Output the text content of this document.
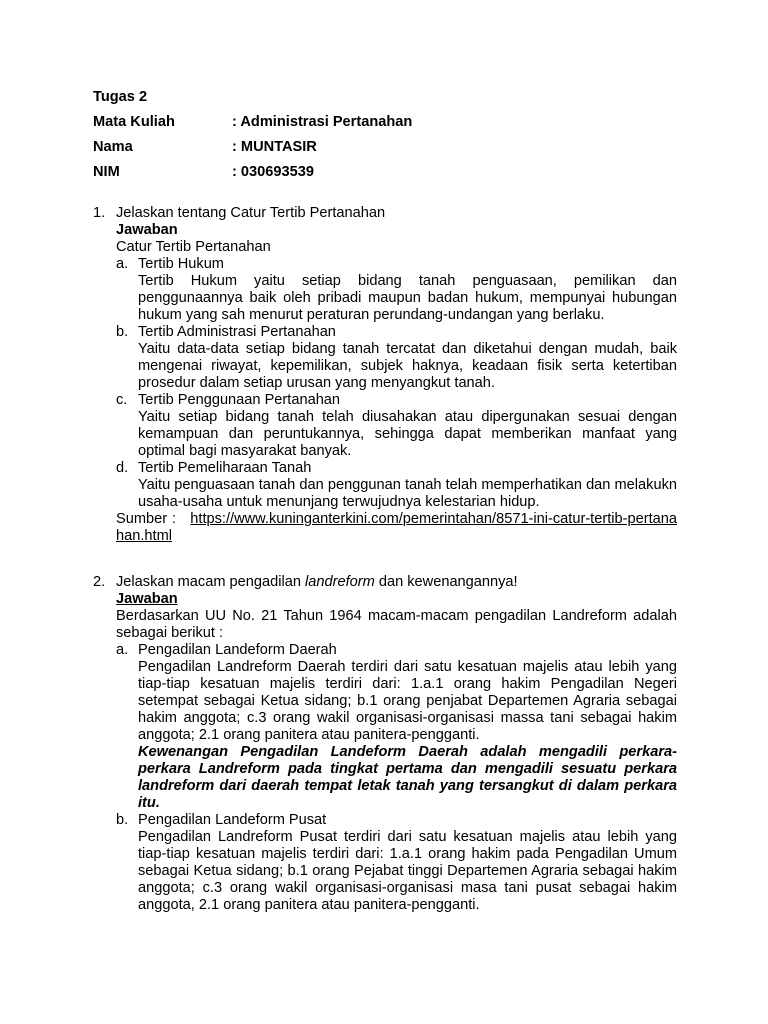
Tugas 2
Mata Kuliah	: Administrasi Pertanahan
Nama	: MUNTASIR
NIM	: 030693539
1. Jelaskan tentang Catur Tertib Pertanahan
Jawaban
Catur Tertib Pertanahan
a. Tertib Hukum
Tertib Hukum yaitu setiap bidang tanah penguasaan, pemilikan dan penggunaannya baik oleh pribadi maupun badan hukum, mempunyai hubungan hukum yang sah menurut peraturan perundang-undangan yang berlaku.
b. Tertib Administrasi Pertanahan
Yaitu data-data setiap bidang tanah tercatat dan diketahui dengan mudah, baik mengenai riwayat, kepemilikan, subjek haknya, keadaan fisik serta ketertiban prosedur dalam setiap urusan yang menyangkut tanah.
c. Tertib Penggunaan Pertanahan
Yaitu setiap bidang tanah telah diusahakan atau dipergunakan sesuai dengan kemampuan dan peruntukannya, sehingga dapat memberikan manfaat yang optimal bagi masyarakat banyak.
d. Tertib Pemeliharaan Tanah
Yaitu penguasaan tanah dan penggunan tanah telah memperhatikan dan melakukn usaha-usaha untuk menunjang terwujudnya kelestarian hidup.
Sumber : https://www.kuninganterkini.com/pemerintahan/8571-ini-catur-tertib-pertanahan.html
2. Jelaskan macam pengadilan landreform dan kewenangannya!
Jawaban
Berdasarkan UU No. 21 Tahun 1964 macam-macam pengadilan Landreform adalah sebagai berikut :
a. Pengadilan Landeform Daerah

Pengadilan Landreform Daerah terdiri dari satu kesatuan majelis atau lebih yang tiap-tiap kesatuan majelis terdiri dari: 1.a.1 orang hakim Pengadilan Negeri setempat sebagai Ketua sidang; b.1 orang penjabat Departemen Agraria sebagai hakim anggota; c.3 orang wakil organisasi-organisasi massa tani sebagai hakim anggota; 2.1 orang panitera atau panitera-pengganti.

Kewenangan Pengadilan Landeform Daerah adalah mengadili perkara-perkara Landreform pada tingkat pertama dan mengadili sesuatu perkara landreform dari daerah tempat letak tanah yang tersangkut di dalam perkara itu.

b. Pengadilan Landeform Pusat
Pengadilan Landreform Pusat terdiri dari satu kesatuan majelis atau lebih yang tiap-tiap kesatuan majelis terdiri dari: 1.a.1 orang hakim pada Pengadilan Umum sebagai Ketua sidang; b.1 orang Pejabat tinggi Departemen Agraria sebagai hakim anggota; c.3 orang wakil organisasi-organisasi masa tani pusat sebagai hakim anggota, 2.1 orang panitera atau panitera-pengganti.
